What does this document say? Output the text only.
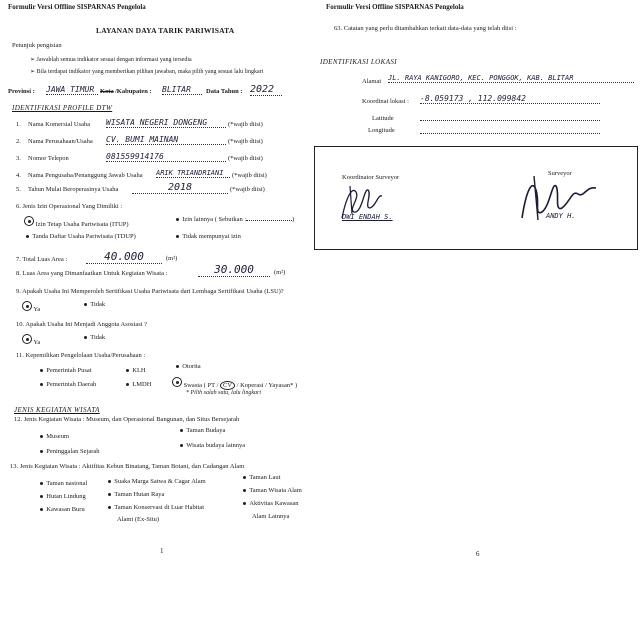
Formulir Versi Offline SISPARNAS Pengelola
LAYANAN DAYA TARIK PARIWISATA
Petunjuk pengisian
➢ Jawablah semua indikator sesuai dengan informasi yang tersedia
➢ Bila terdapat indikator yang memberikan pilihan jawaban, maka pilih yang sesuai lalu lingkari
Provinsi : JAWA TIMUR Kota /Kabupaten : BLITAR	Data Tahun : 2022
IDENTIFIKASI PROFILE DTW
1. Nama Komersial Usaha WISATA NEGERI DONGENG	(*wajib diisi)
2. Nama Perusahaan/Usaha CV. BUMI MAINAN	(*wajib diisi)
3. Nomor Telepon	081559914176	(*wajib diisi)
4. Nama Pengusaha/Penanggung Jawab Usaha ARIK TRIANDRIANI	(*wajib diisi)
5. Tahun Mulai Beroperasinya Usaha	2018	(*wajib diisi)
6. Jenis Izin Operasional Yang Dimiliki :
Izin Tetap Usaha Pariwisata (ITUP)
Izin lainnya ( Sebutkan :	)
Tanda Daftar Usaha Pariwisata (TDUP)	Tidak mempunyai izin
7. Total Luas Area :	40.000	(m²)
8. Luas Area yang Dimanfaatkan Untuk Kegiatan Wisata :	30.000	(m²)
9. Apakah Usaha Ini Memperoleh Sertifikasi Usaha Pariwisata dari Lembaga Sertifikasi Usaha (LSU)?
Ya
Tidak
10. Apakah Usaha Ini Menjadi Anggota Asosiasi ?
Ya
Tidak
11. Kepemilikan Pengelolaan Usaha/Perusahaan :
Pemerintah Pusat	KLH
Otorita
Pemerintah Daerah	LMDH	Swasta ( PT / CV / Koperasi / Yayasan* )
* Pilih salah satu, lalu lingkari
JENIS KEGIATAN WISATA
12. Jenis Kegiatan Wisata : Museum, dan Operasional Bangunan, dan Situs Bersejarah
Museum
Peninggalan Sejarah
Taman Budaya
Wisata budaya lainnya
13. Jenis Kegiatan Wisata : Aktifitas Kebun Binatang, Taman Botani, dan Cadangan Alam
Taman nasional
Hutan Lindung
Kawasan Buru
Suaka Marga Satwa & Cagar Alam
Taman Hutan Raya
Taman Konservasi di Luar Habitat
Alami (Ex-Situ)
Taman Laut
Taman Wisata Alam
Aktivitas Kawasan
Alam Lainnya
1
Formulir Versi Offline SISPARNAS Pengelola
63. Catatan yang perlu ditambahkan terkait data-data yang telah diisi :
IDENTIFIKASI LOKASI
Alamat JL. RAYA KANIGORO, KEC. PONGGOK, KAB. BLITAR
Koordinat lokasi : -8.059173 , 112.099842
Latitude
Longitude
Koordinator Surveyor
Surveyor
DWI ENDAH S.	ANDY H.
6
